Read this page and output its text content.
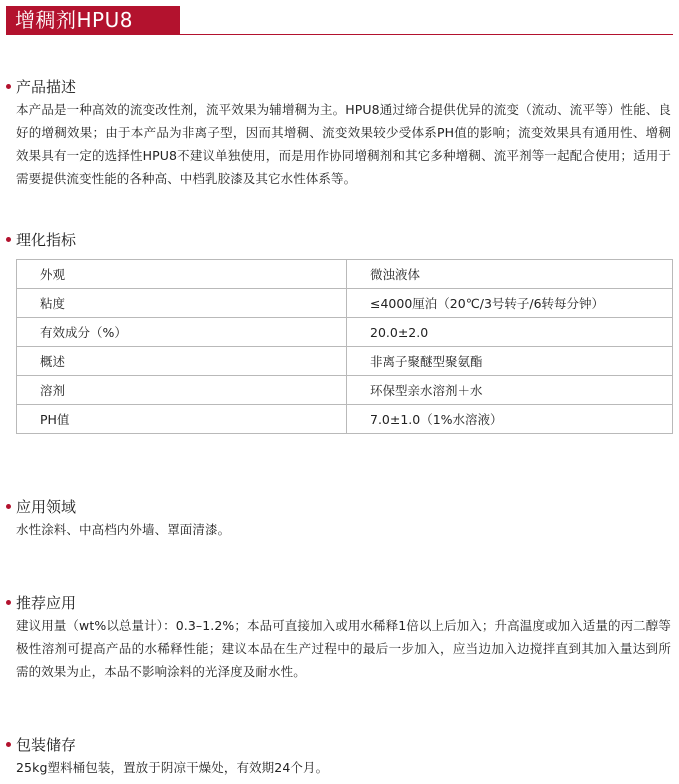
增稠剂HPU8
产品描述
本产品是一种高效的流变改性剂，流平效果为辅增稠为主。HPU8通过缔合提供优异的流变（流动、流平等）性能、良好的增稠效果；由于本产品为非离子型，因而其增稠、流变效果较少受体系PH值的影响；流变效果具有通用性、增稠效果具有一定的选择性HPU8不建议单独使用，而是用作协同增稠剂和其它多种增稠、流平剂等一起配合使用；适用于需要提供流变性能的各种高、中档乳胶漆及其它水性体系等。
理化指标
外观	微浊液体
粘度	≤4000厘泊（20℃/3号转子/6转每分钟）
有效成分（%）	20.0±2.0
概述	非离子聚醚型聚氨酯
溶剂	环保型亲水溶剂＋水
PH值	7.0±1.0（1%水溶液）
应用领域
水性涂料、中高档内外墙、罩面清漆。
推荐应用
建议用量（wt%以总量计）：0.3–1.2%；本品可直接加入或用水稀释1倍以上后加入；升高温度或加入适量的丙二醇等极性溶剂可提高产品的水稀释性能；建议本品在生产过程中的最后一步加入，应当边加入边搅拌直到其加入量达到所需的效果为止，本品不影响涂料的光泽度及耐水性。
包装储存
25kg塑料桶包装，置放于阴凉干燥处，有效期24个月。
